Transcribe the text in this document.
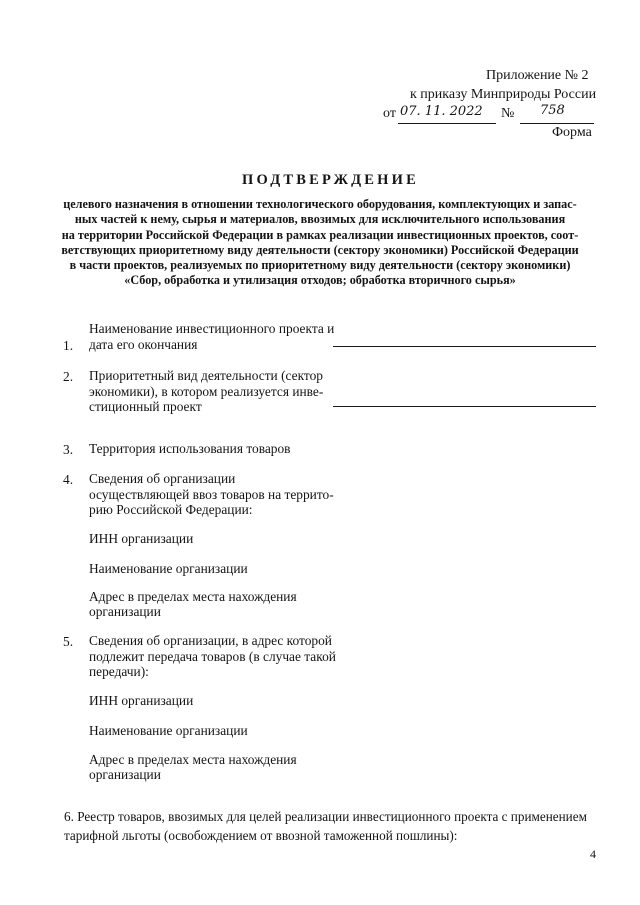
Приложение № 2
к приказу Минприроды России
от 07. 11. 2022 № 758
Форма
ПОДТВЕРЖДЕНИЕ
целевого назначения в отношении технологического оборудования, комплектующих и запас-
ных частей к нему, сырья и материалов, ввозимых для исключительного использования
на территории Российской Федерации в рамках реализации инвестиционных проектов, соот-
ветствующих приоритетному виду деятельности (сектору экономики) Российской Федерации
в части проектов, реализуемых по приоритетному виду деятельности (сектору экономики)
«Сбор, обработка и утилизация отходов; обработка вторичного сырья»
Наименование инвестиционного проекта и
1. дата его окончания
2. Приоритетный вид деятельности (сектор
экономики), в котором реализуется инве-
стиционный проект
3. Территория использования товаров
4. Сведения об организации
осуществляющей ввоз товаров на террито-
рию Российской Федерации:
ИНН организации
Наименование организации
Адрес в пределах места нахождения
организации
5. Сведения об организации, в адрес которой
подлежит передача товаров (в случае такой
передачи):
ИНН организации
Наименование организации
Адрес в пределах места нахождения
организации
6. Реестр товаров, ввозимых для целей реализации инвестиционного проекта с применением
тарифной льготы (освобождением от ввозной таможенной пошлины):
4
